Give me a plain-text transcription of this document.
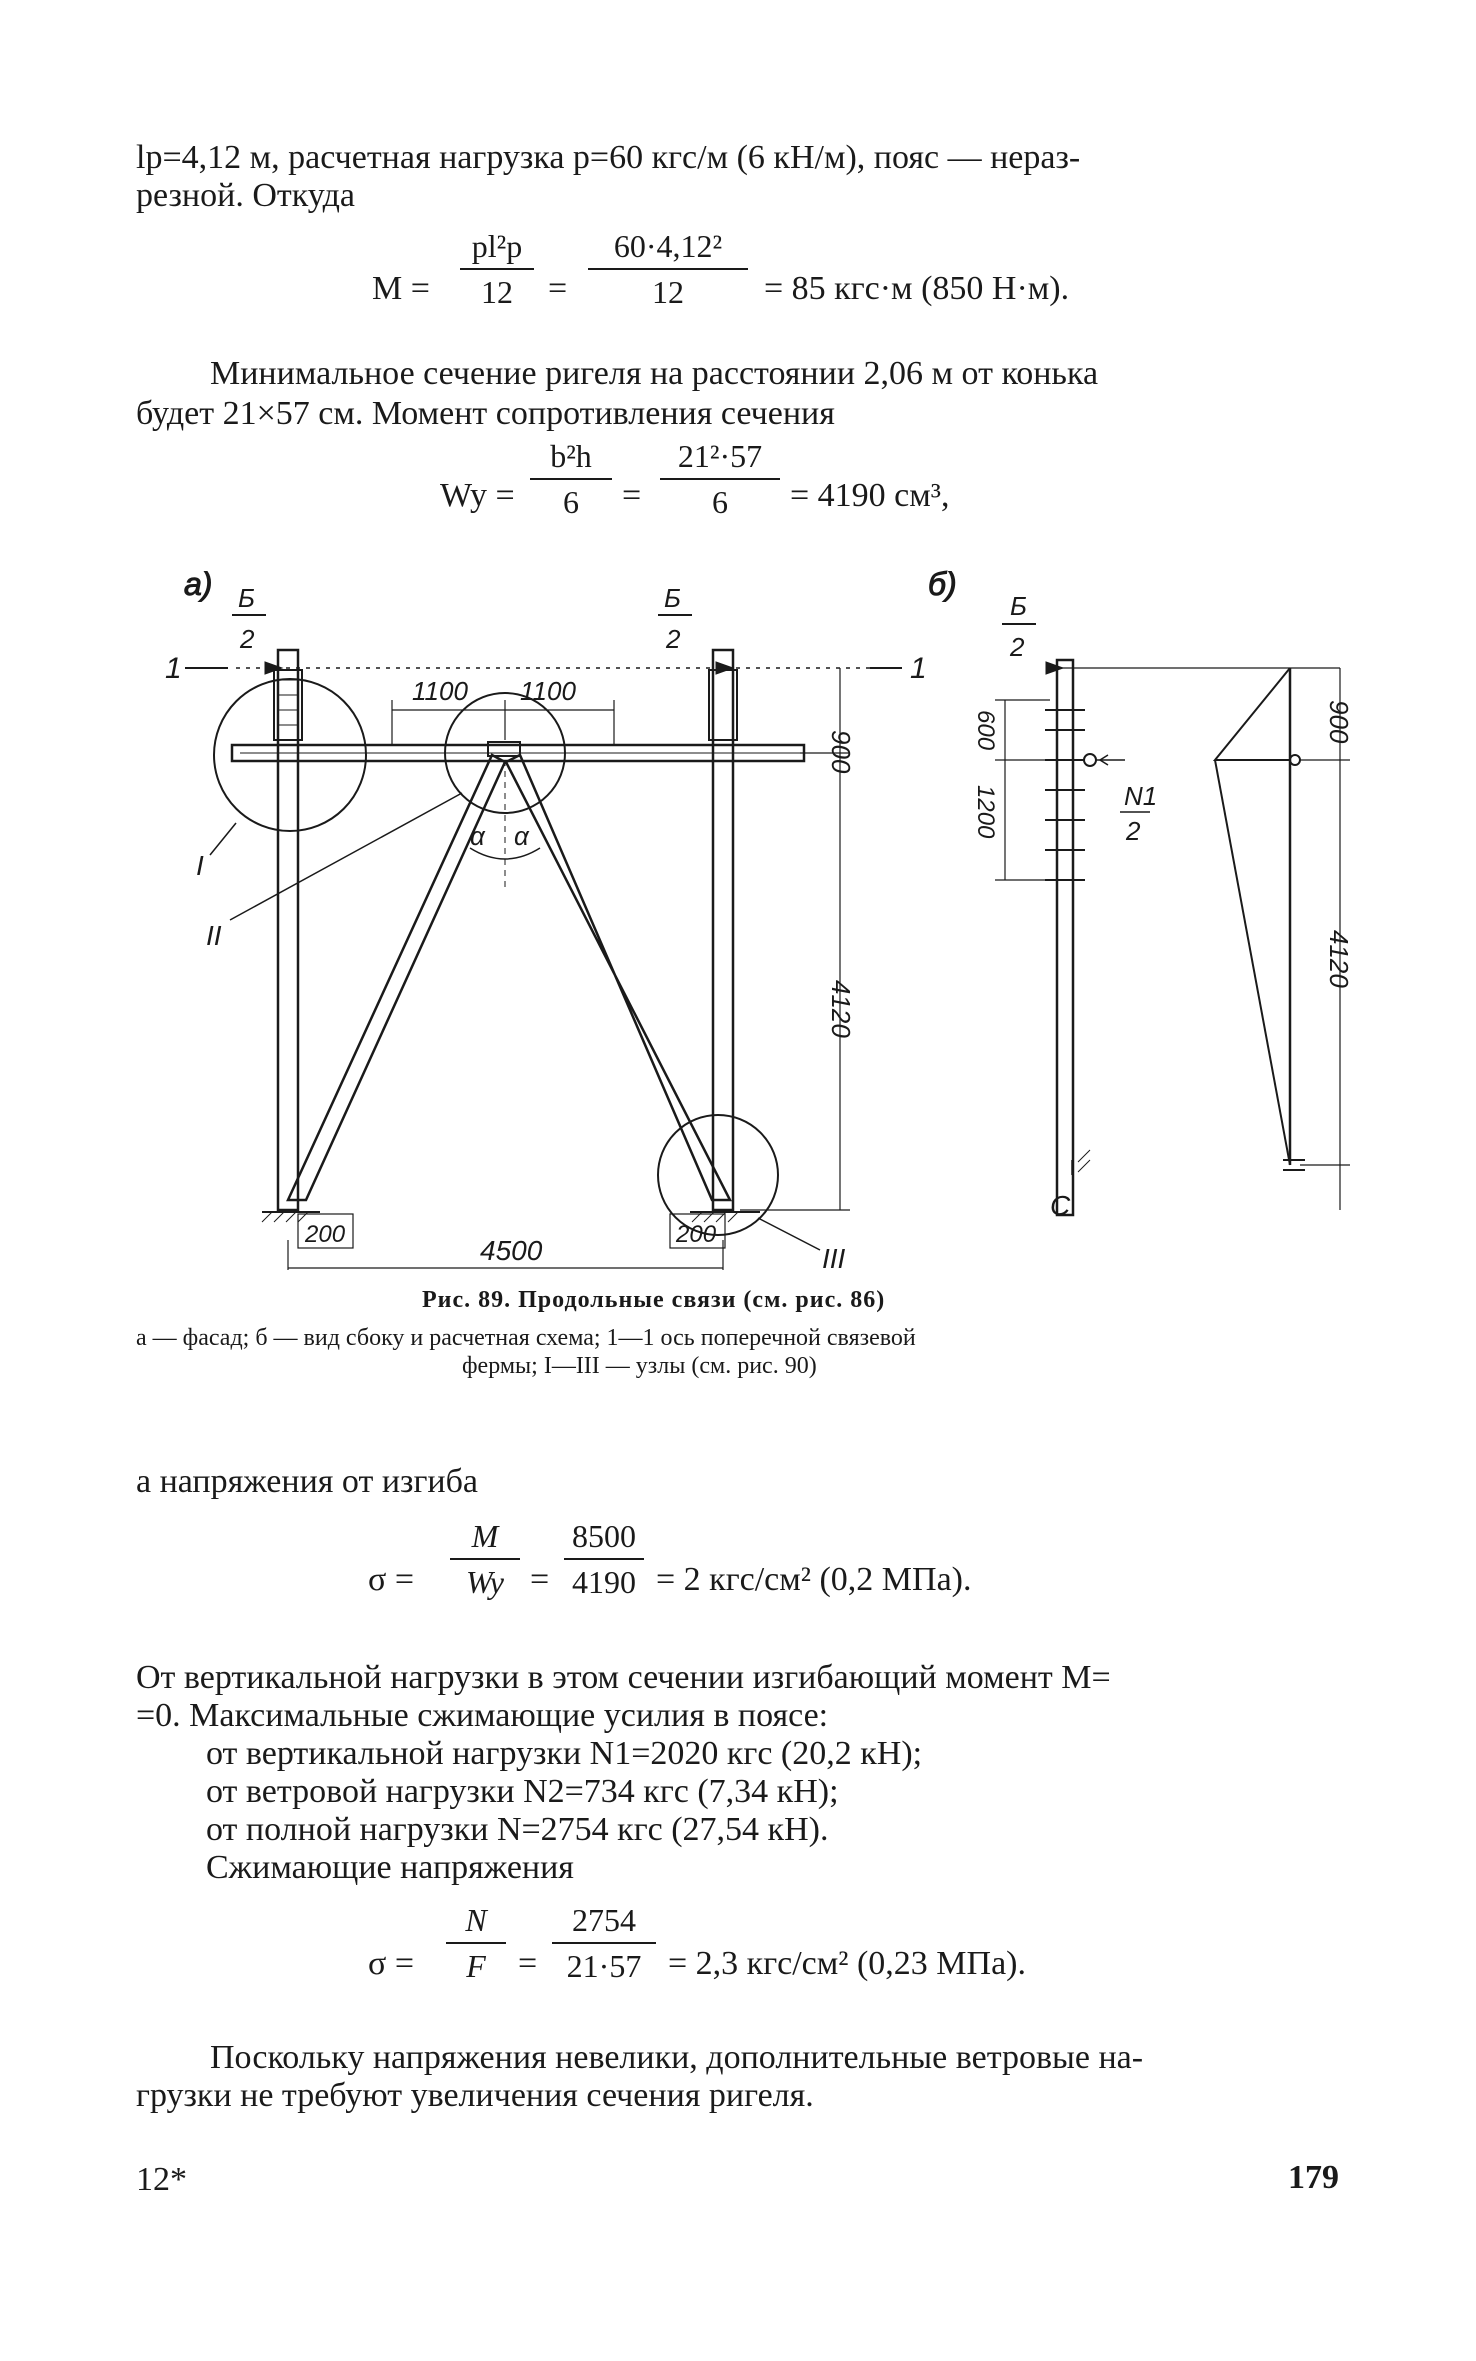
lр=4,12 м, расчетная нагрузка p=60 кгс/м (6 кН/м), пояс — нераз-
резной. Откуда
M =
pl²р
12	=
60·4,12²
12	= 85 кгс·м (850 Н·м).
Минимальное сечение ригеля на расстоянии 2,06 м от конька
будет 21×57 см. Момент сопротивления сечения
Wy =
b²h
6	=
21²·57
6	= 4190 см³,
а) Б
2
Б
2
1	1
I
II
III
α α
1100 1100
900
4120
200	200
4500
б)
Б
2
N1
2
600
1200
C
900
4120
Рис. 89. Продольные связи (см. рис. 86)
а — фасад; б — вид сбоку и расчетная схема; 1—1 ось поперечной связевой
фермы; I—III — узлы (см. рис. 90)
а напряжения от изгиба
σ =
M
Wy =
8500
4190 = 2 кгс/см² (0,2 МПа).
От вертикальной нагрузки в этом сечении изгибающий момент M=
=0. Максимальные сжимающие усилия в поясе:
от вертикальной нагрузки N1=2020 кгс (20,2 кН);
от ветровой нагрузки N2=734 кгс (7,34 кН);
от полной нагрузки N=2754 кгс (27,54 кН).
Сжимающие напряжения
σ =
N
F =
2754
21·57 = 2,3 кгс/см² (0,23 МПа).
Поскольку напряжения невелики, дополнительные ветровые на-
грузки не требуют увеличения сечения ригеля.
12*	179
